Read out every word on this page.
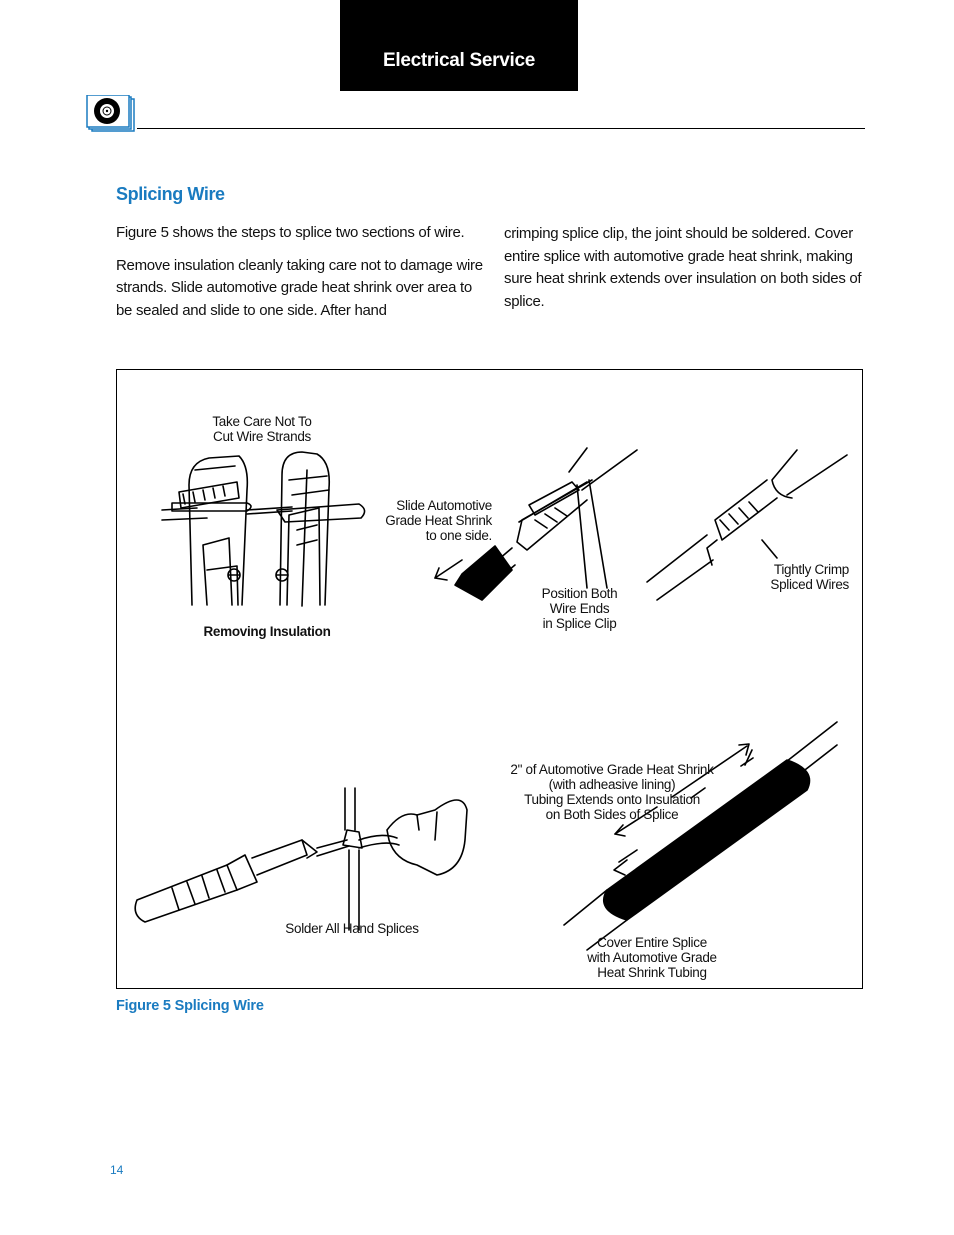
Electrical Service
Splicing Wire

Figure 5 shows the steps to splice two sections of wire.

Remove insulation cleanly taking care not to damage wire strands. Slide automotive grade heat shrink over area to be sealed and slide to one side. After hand

crimping splice clip, the joint should be soldered. Cover entire splice with automotive grade heat shrink, making sure heat shrink extends over insulation on both sides of splice.

Take Care Not To
Cut Wire Strands
Removing Insulation
Slide Automotive
Grade Heat Shrink
to one side.
Position Both
Wire Ends
in Splice Clip
Tightly Crimp
Spliced Wires
2" of Automotive Grade Heat Shrink
(with adheasive lining)
Tubing Extends onto Insulation
on Both Sides of Splice
Solder All Hand Splices
Cover Entire Splice
with Automotive Grade
Heat Shrink Tubing
Figure 5 Splicing Wire
14
